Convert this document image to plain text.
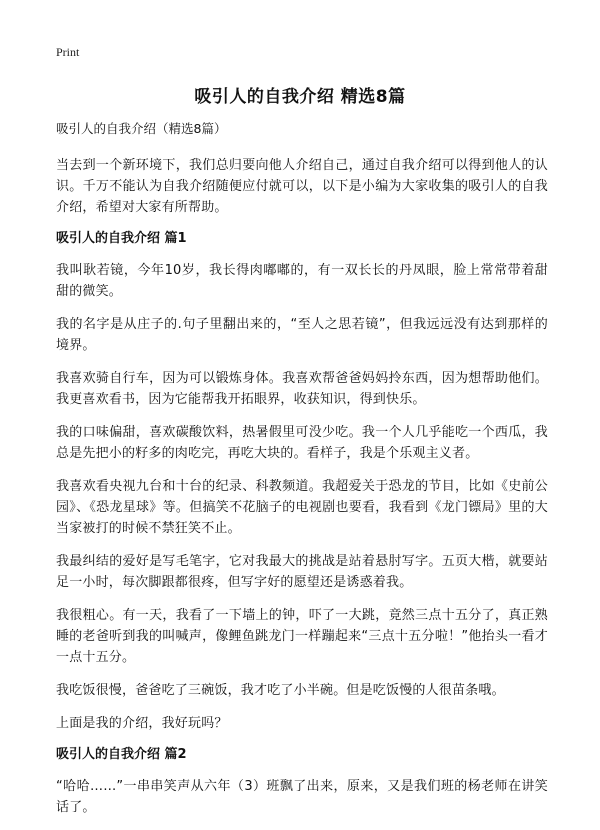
Print
吸引人的自我介绍 精选8篇

吸引人的自我介绍（精选8篇）

当去到一个新环境下，我们总归要向他人介绍自己，通过自我介绍可以得到他人的认识。千万不能认为自我介绍随便应付就可以，以下是小编为大家收集的吸引人的自我介绍，希望对大家有所帮助。

吸引人的自我介绍 篇1

我叫耿若镜，今年10岁，我长得肉嘟嘟的，有一双长长的丹凤眼，脸上常常带着甜甜的微笑。

我的名字是从庄子的.句子里翻出来的，“至人之思若镜”，但我远远没有达到那样的境界。

我喜欢骑自行车，因为可以锻炼身体。我喜欢帮爸爸妈妈拎东西，因为想帮助他们。我更喜欢看书，因为它能帮我开拓眼界，收获知识，得到快乐。

我的口味偏甜，喜欢碳酸饮料，热暑假里可没少吃。我一个人几乎能吃一个西瓜，我总是先把小的籽多的肉吃完，再吃大块的。看样子，我是个乐观主义者。

我喜欢看央视九台和十台的纪录、科教频道。我超爱关于恐龙的节目，比如《史前公园》、《恐龙星球》等。但搞笑不花脑子的电视剧也要看，我看到《龙门镖局》里的大当家被打的时候不禁狂笑不止。

我最纠结的爱好是写毛笔字，它对我最大的挑战是站着悬肘写字。五页大楷，就要站足一小时，每次脚跟都很疼，但写字好的愿望还是诱惑着我。

我很粗心。有一天，我看了一下墙上的钟，吓了一大跳，竟然三点十五分了，真正熟睡的老爸听到我的叫喊声，像鲤鱼跳龙门一样蹦起来“三点十五分啦！”他抬头一看才一点十五分。

我吃饭很慢，爸爸吃了三碗饭，我才吃了小半碗。但是吃饭慢的人很苗条哦。

上面是我的介绍，我好玩吗？

吸引人的自我介绍 篇2

“哈哈……”一串串笑声从六年（3）班飘了出来，原来，又是我们班的杨老师在讲笑话了。
